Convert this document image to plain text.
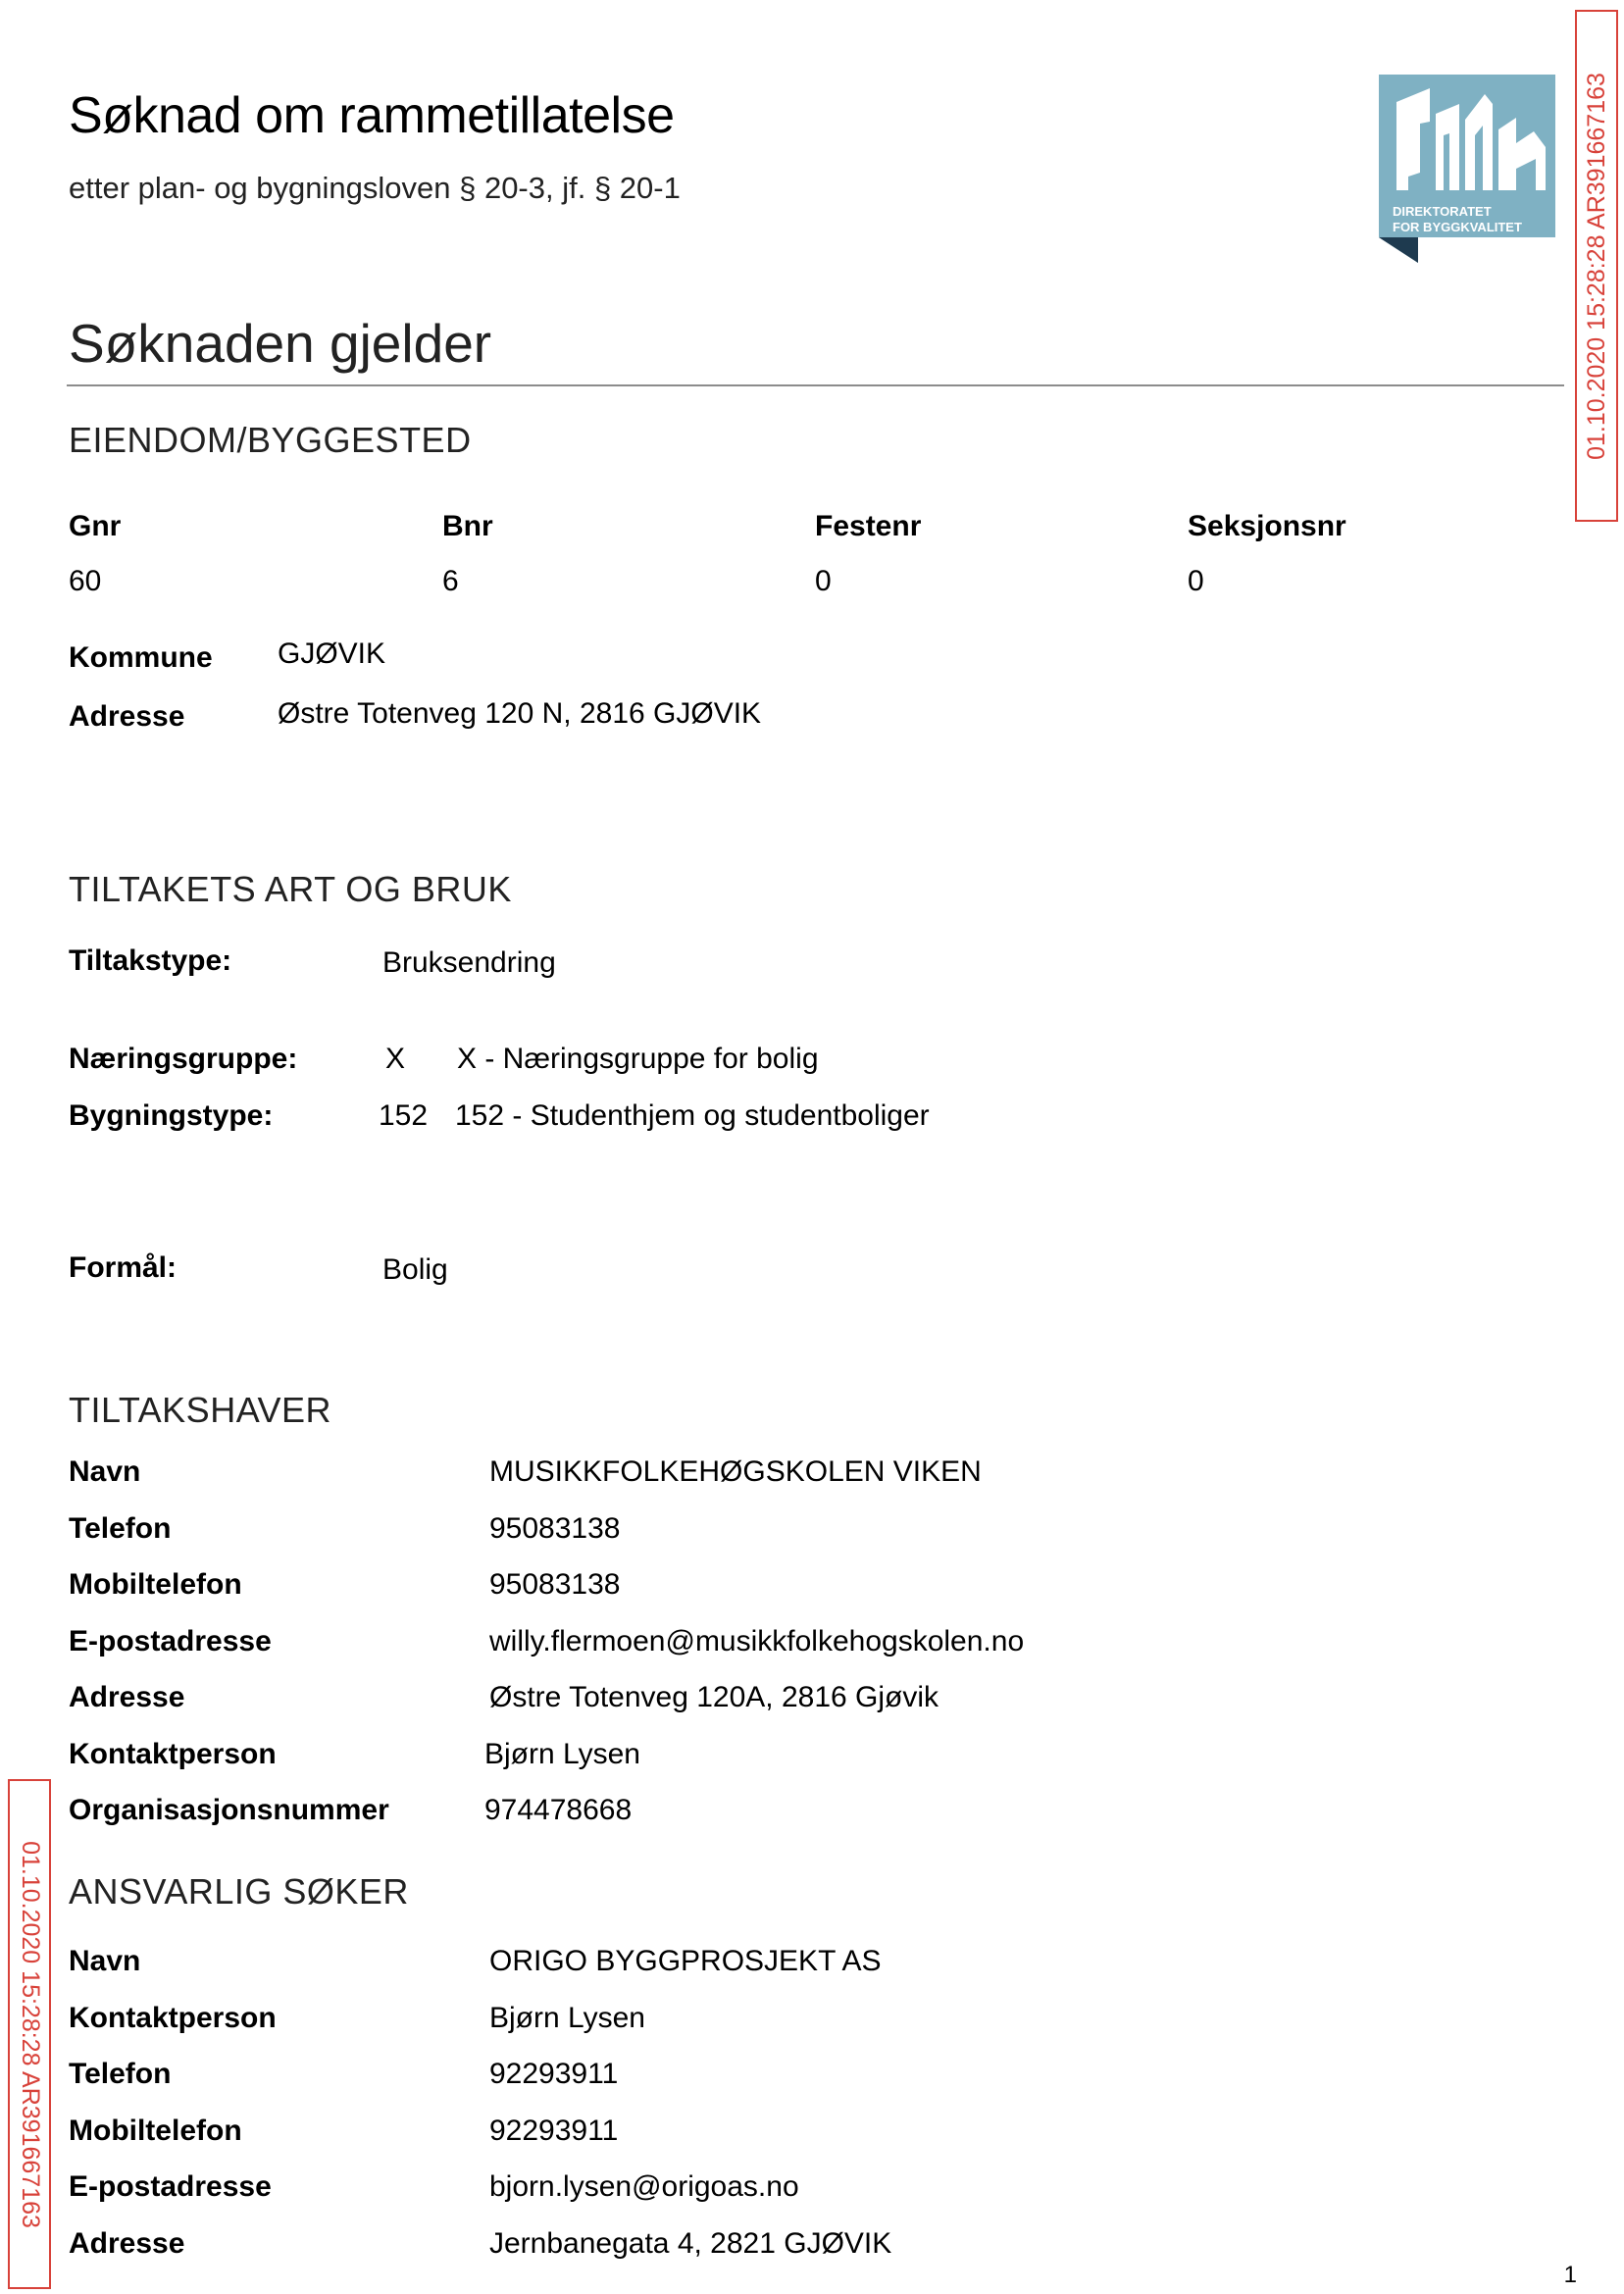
Søknad om rammetillatelse
etter plan- og bygningsloven § 20-3, jf. § 20-1
DIREKTORATET
FOR BYGGKVALITET 01.10.2020 15:28:28 AR391667163
01.10.2020 15:28:28 AR391667163
Søknaden gjelder
EIENDOM/BYGGESTED
Gnr	Bnr	Festenr	Seksjonsnr
60	6	0	0
Kommune GJØVIK
Adresse	Østre Totenveg 120 N, 2816 GJØVIK
TILTAKETS ART OG BRUK
Tiltakstype:	Bruksendring
Næringsgruppe:	X X - Næringsgruppe for bolig
Bygningstype:	152 152 - Studenthjem og studentboliger
Formål:	Bolig
TILTAKSHAVER
Navn	MUSIKKFOLKEHØGSKOLEN VIKEN
Telefon	95083138
Mobiltelefon	95083138
E-postadresse	willy.flermoen@musikkfolkehogskolen.no
Adresse	Østre Totenveg 120A, 2816 Gjøvik
Kontaktperson	Bjørn Lysen
Organisasjonsnummer	974478668
ANSVARLIG SØKER
Navn	ORIGO BYGGPROSJEKT AS
Kontaktperson	Bjørn Lysen
Telefon	92293911
Mobiltelefon	92293911
E-postadresse	bjorn.lysen@origoas.no
Adresse	Jernbanegata 4, 2821 GJØVIK
1
